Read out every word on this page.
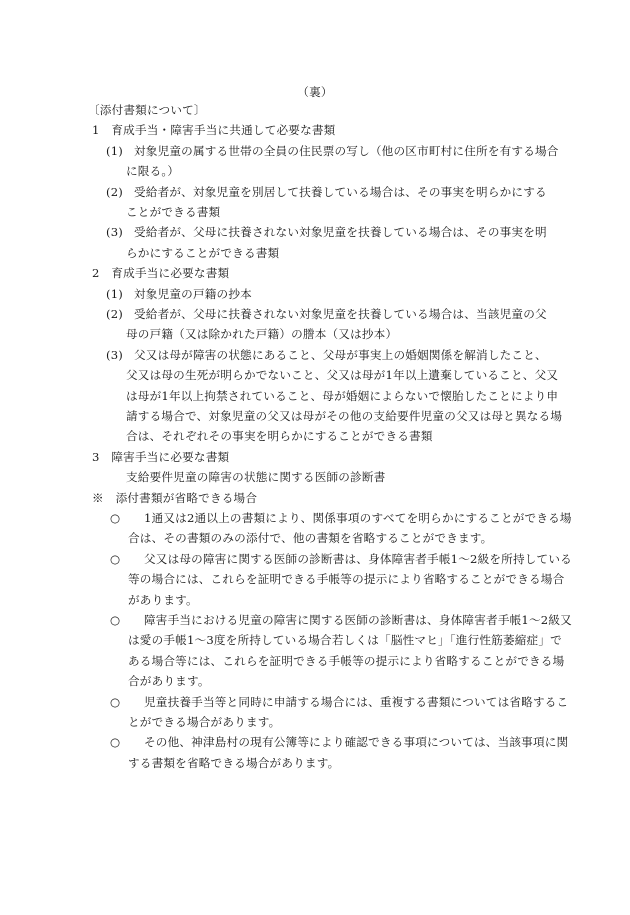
（裏）
〔添付書類について〕
1　育成手当・障害手当に共通して必要な書類
(1) 対象児童の属する世帯の全員の住民票の写し（他の区市町村に住所を有する場合
に限る。）
(2) 受給者が、対象児童を別居して扶養している場合は、その事実を明らかにする
ことができる書類
(3) 受給者が、父母に扶養されない対象児童を扶養している場合は、その事実を明
らかにすることができる書類
2　育成手当に必要な書類
(1) 対象児童の戸籍の抄本
(2) 受給者が、父母に扶養されない対象児童を扶養している場合は、当該児童の父
母の戸籍（又は除かれた戸籍）の謄本（又は抄本）
(3) 父又は母が障害の状態にあること、父母が事実上の婚姻関係を解消したこと、
父又は母の生死が明らかでないこと、父又は母が1年以上遺棄していること、父又
は母が1年以上拘禁されていること、母が婚姻によらないで懐胎したことにより申
請する場合で、対象児童の父又は母がその他の支給要件児童の父又は母と異なる場
合は、それぞれその事実を明らかにすることができる書類
3　障害手当に必要な書類
支給要件児童の障害の状態に関する医師の診断書
※　添付書類が省略できる場合
○ 1通又は2通以上の書類により、関係事項のすべてを明らかにすることができる場
合は、その書類のみの添付で、他の書類を省略することができます。
○ 父又は母の障害に関する医師の診断書は、身体障害者手帳1～2級を所持している
等の場合には、これらを証明できる手帳等の提示により省略することができる場合
があります。
○ 障害手当における児童の障害に関する医師の診断書は、身体障害者手帳1～2級又
は愛の手帳1～3度を所持している場合若しくは「脳性マヒ」「進行性筋萎縮症」で
ある場合等には、これらを証明できる手帳等の提示により省略することができる場
合があります。
○ 児童扶養手当等と同時に申請する場合には、重複する書類については省略するこ
とができる場合があります。
○ その他、神津島村の現有公簿等により確認できる事項については、当該事項に関
する書類を省略できる場合があります。
